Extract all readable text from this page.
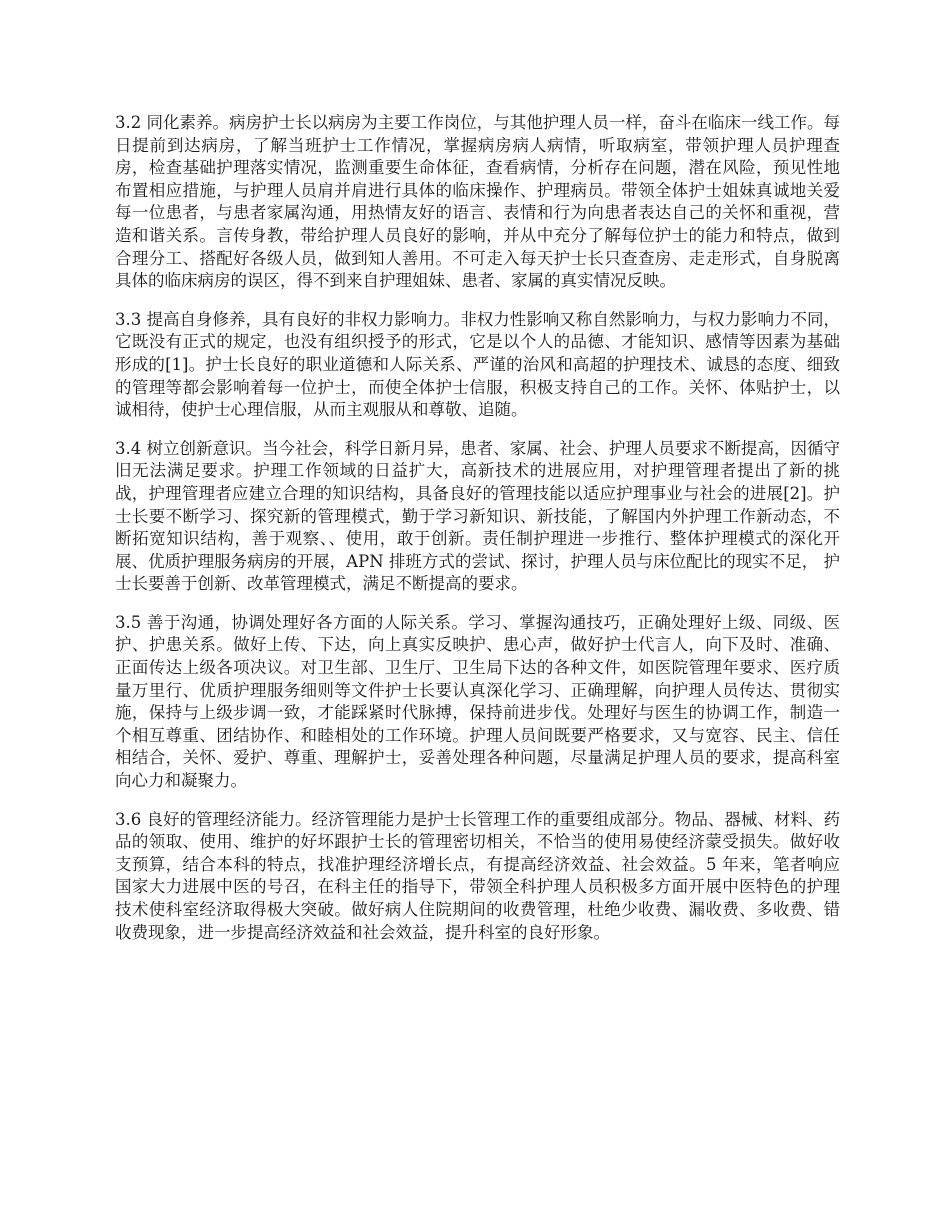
3.2 同化素养。病房护士长以病房为主要工作岗位，与其他护理人员一样，奋斗在临床一线工作。每日提前到达病房，了解当班护士工作情况，掌握病房病人病情，听取病室，带领护理人员护理查房，检查基础护理落实情况，监测重要生命体征，查看病情，分析存在问题，潜在风险，预见性地布置相应措施，与护理人员肩并肩进行具体的临床操作、护理病员。带领全体护士姐妹真诚地关爱每一位患者，与患者家属沟通，用热情友好的语言、表情和行为向患者表达自己的关怀和重视，营造和谐关系。言传身教，带给护理人员良好的影响，并从中充分了解每位护士的能力和特点，做到合理分工、搭配好各级人员，做到知人善用。不可走入每天护士长只查查房、走走形式，自身脱离具体的临床病房的误区，得不到来自护理姐妹、患者、家属的真实情况反映。

3.3 提高自身修养，具有良好的非权力影响力。非权力性影响又称自然影响力，与权力影响力不同，它既没有正式的规定，也没有组织授予的形式，它是以个人的品德、才能知识、感情等因素为基础形成的[1]。护士长良好的职业道德和人际关系、严谨的治风和高超的护理技术、诚恳的态度、细致的管理等都会影响着每一位护士，而使全体护士信服，积极支持自己的工作。关怀、体贴护士，以诚相待，使护士心理信服，从而主观服从和尊敬、追随。

3.4 树立创新意识。当今社会，科学日新月异，患者、家属、社会、护理人员要求不断提高，因循守旧无法满足要求。护理工作领域的日益扩大，高新技术的进展应用，对护理管理者提出了新的挑战，护理管理者应建立合理的知识结构，具备良好的管理技能以适应护理事业与社会的进展[2]。护士长要不断学习、探究新的管理模式，勤于学习新知识、新技能，了解国内外护理工作新动态，不断拓宽知识结构，善于观察、、使用，敢于创新。责任制护理进一步推行、整体护理模式的深化开展、优质护理服务病房的开展，APN 排班方式的尝试、探讨，护理人员与床位配比的现实不足， 护士长要善于创新、改革管理模式，满足不断提高的要求。

3.5 善于沟通，协调处理好各方面的人际关系。学习、掌握沟通技巧，正确处理好上级、同级、医护、护患关系。做好上传、下达，向上真实反映护、患心声，做好护士代言人，向下及时、准确、正面传达上级各项决议。对卫生部、卫生厅、卫生局下达的各种文件，如医院管理年要求、医疗质量万里行、优质护理服务细则等文件护士长要认真深化学习、正确理解，向护理人员传达、贯彻实施，保持与上级步调一致，才能踩紧时代脉搏，保持前进步伐。处理好与医生的协调工作，制造一个相互尊重、团结协作、和睦相处的工作环境。护理人员间既要严格要求，又与宽容、民主、信任相结合，关怀、爱护、尊重、理解护士，妥善处理各种问题，尽量满足护理人员的要求，提高科室向心力和凝聚力。

3.6 良好的管理经济能力。经济管理能力是护士长管理工作的重要组成部分。物品、器械、材料、药品的领取、使用、维护的好坏跟护士长的管理密切相关，不恰当的使用易使经济蒙受损失。做好收支预算，结合本科的特点，找准护理经济增长点，有提高经济效益、社会效益。5 年来，笔者响应国家大力进展中医的号召，在科主任的指导下，带领全科护理人员积极多方面开展中医特色的护理技术使科室经济取得极大突破。做好病人住院期间的收费管理，杜绝少收费、漏收费、多收费、错收费现象，进一步提高经济效益和社会效益，提升科室的良好形象。
